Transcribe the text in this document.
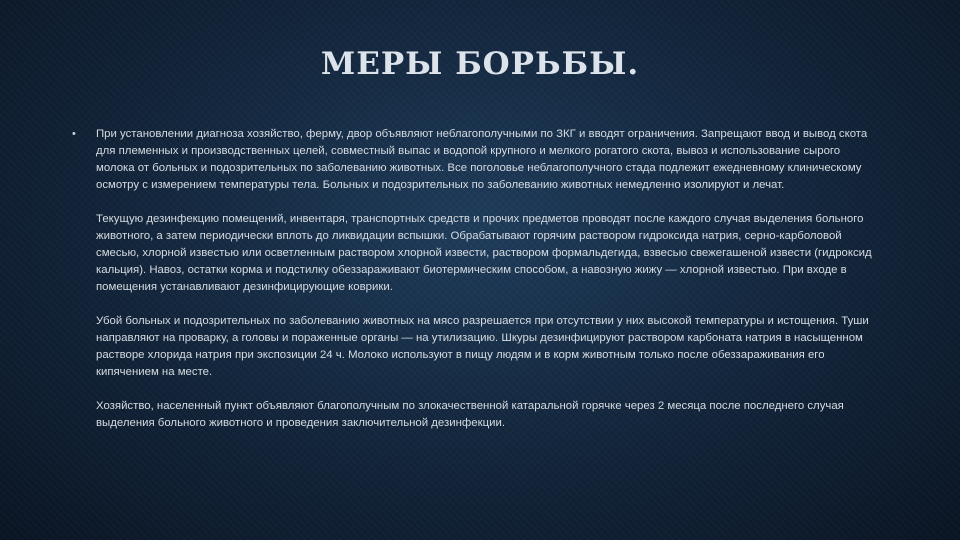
МЕРЫ БОРЬБЫ.
• При установлении диагноза хозяйство, ферму, двор объявляют неблагополучными по ЗКГ и вводят ограничения. Запрещают ввод и вывод скота для племенных и производственных целей, совместный выпас и водопой крупного и мелкого рогатого скота, вывоз и использование сырого молока от больных и подозрительных по заболеванию животных. Все поголовье неблагополучного стада подлежит ежедневному клиническому осмотру с измерением температуры тела. Больных и подозрительных по заболеванию животных немедленно изолируют и лечат.

Текущую дезинфекцию помещений, инвентаря, транспортных средств и прочих предметов проводят после каждого случая выделения больного животного, а затем периодически вплоть до ликвидации вспышки. Обрабатывают горячим раствором гидроксида натрия, серно-карболовой смесью, хлорной известью или осветленным раствором хлорной извести, раствором формальдегида, взвесью свежегашеной извести (гидроксид кальция). Навоз, остатки корма и подстилку обеззараживают биотермическим способом, а навозную жижу — хлорной известью. При входе в помещения устанавливают дезинфицирующие коврики.

Убой больных и подозрительных по заболеванию животных на мясо разрешается при отсутствии у них высокой температуры и истощения. Туши направляют на проварку, а головы и пораженные органы — на утилизацию. Шкуры дезинфицируют раствором карбоната натрия в насыщенном растворе хлорида натрия при экспозиции 24 ч. Молоко используют в пищу людям и в корм животным только после обеззараживания его кипячением на месте.

Хозяйство, населенный пункт объявляют благополучным по злокачественной катаральной горячке через 2 месяца после последнего случая выделения больного животного и проведения заключительной дезинфекции.
